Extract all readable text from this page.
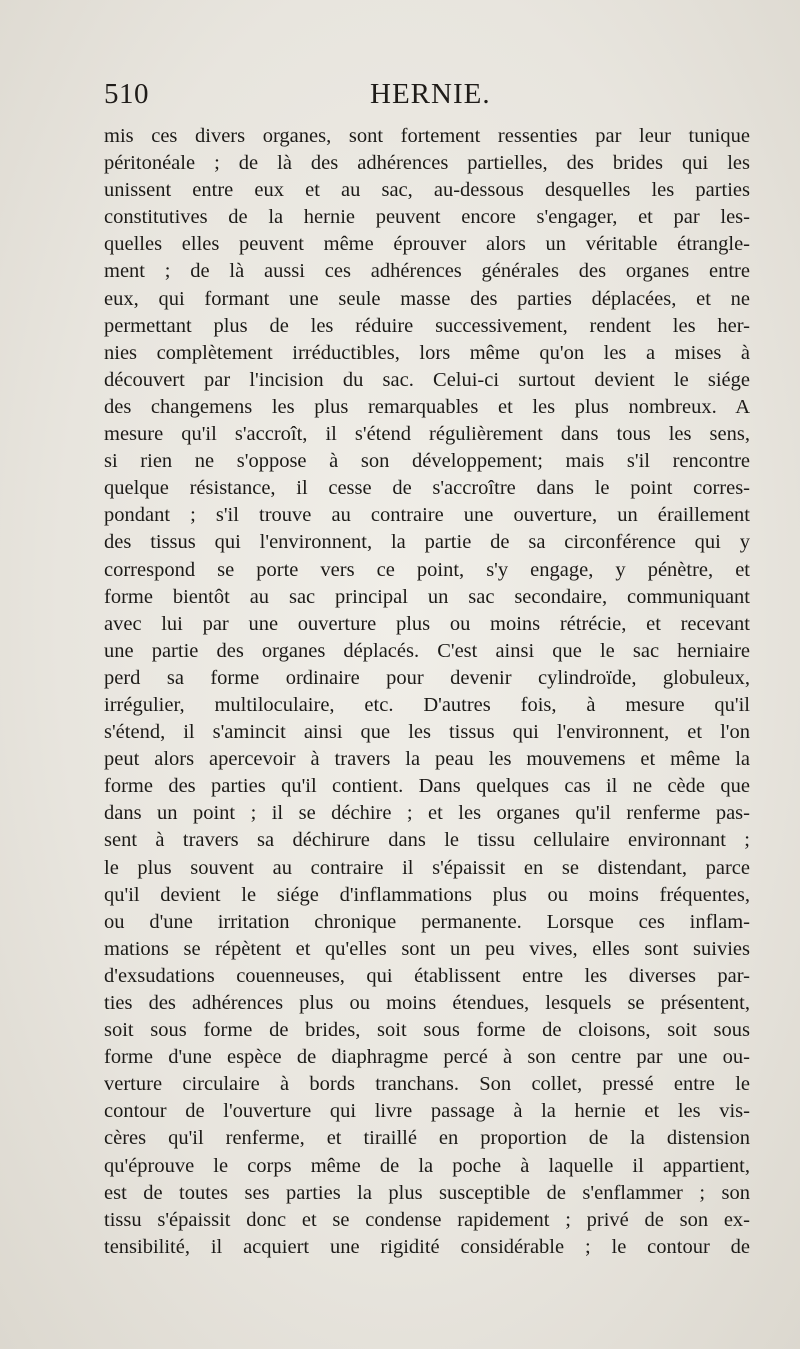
510	HERNIE.
mis ces divers organes, sont fortement ressenties par leur tunique
péritonéale ; de là des adhérences partielles, des brides qui les
unissent entre eux et au sac, au-dessous desquelles les parties
constitutives de la hernie peuvent encore s'engager, et par les-
quelles elles peuvent même éprouver alors un véritable étrangle-
ment ; de là aussi ces adhérences générales des organes entre
eux, qui formant une seule masse des parties déplacées, et ne
permettant plus de les réduire successivement, rendent les her-
nies complètement irréductibles, lors même qu'on les a mises à
découvert par l'incision du sac. Celui-ci surtout devient le siége
des changemens les plus remarquables et les plus nombreux. A
mesure qu'il s'accroît, il s'étend régulièrement dans tous les sens,
si rien ne s'oppose à son développement; mais s'il rencontre
quelque résistance, il cesse de s'accroître dans le point corres-
pondant ; s'il trouve au contraire une ouverture, un éraillement
des tissus qui l'environnent, la partie de sa circonférence qui y
correspond se porte vers ce point, s'y engage, y pénètre, et
forme bientôt au sac principal un sac secondaire, communiquant
avec lui par une ouverture plus ou moins rétrécie, et recevant
une partie des organes déplacés. C'est ainsi que le sac herniaire
perd sa forme ordinaire pour devenir cylindroïde, globuleux,
irrégulier, multiloculaire, etc. D'autres fois, à mesure qu'il
s'étend, il s'amincit ainsi que les tissus qui l'environnent, et l'on
peut alors apercevoir à travers la peau les mouvemens et même la
forme des parties qu'il contient. Dans quelques cas il ne cède que
dans un point ; il se déchire ; et les organes qu'il renferme pas-
sent à travers sa déchirure dans le tissu cellulaire environnant ;
le plus souvent au contraire il s'épaissit en se distendant, parce
qu'il devient le siége d'inflammations plus ou moins fréquentes,
ou d'une irritation chronique permanente. Lorsque ces inflam-
mations se répètent et qu'elles sont un peu vives, elles sont suivies
d'exsudations couenneuses, qui établissent entre les diverses par-
ties des adhérences plus ou moins étendues, lesquels se présentent,
soit sous forme de brides, soit sous forme de cloisons, soit sous
forme d'une espèce de diaphragme percé à son centre par une ou-
verture circulaire à bords tranchans. Son collet, pressé entre le
contour de l'ouverture qui livre passage à la hernie et les vis-
cères qu'il renferme, et tiraillé en proportion de la distension
qu'éprouve le corps même de la poche à laquelle il appartient,
est de toutes ses parties la plus susceptible de s'enflammer ; son
tissu s'épaissit donc et se condense rapidement ; privé de son ex-
tensibilité, il acquiert une rigidité considérable ; le contour de
